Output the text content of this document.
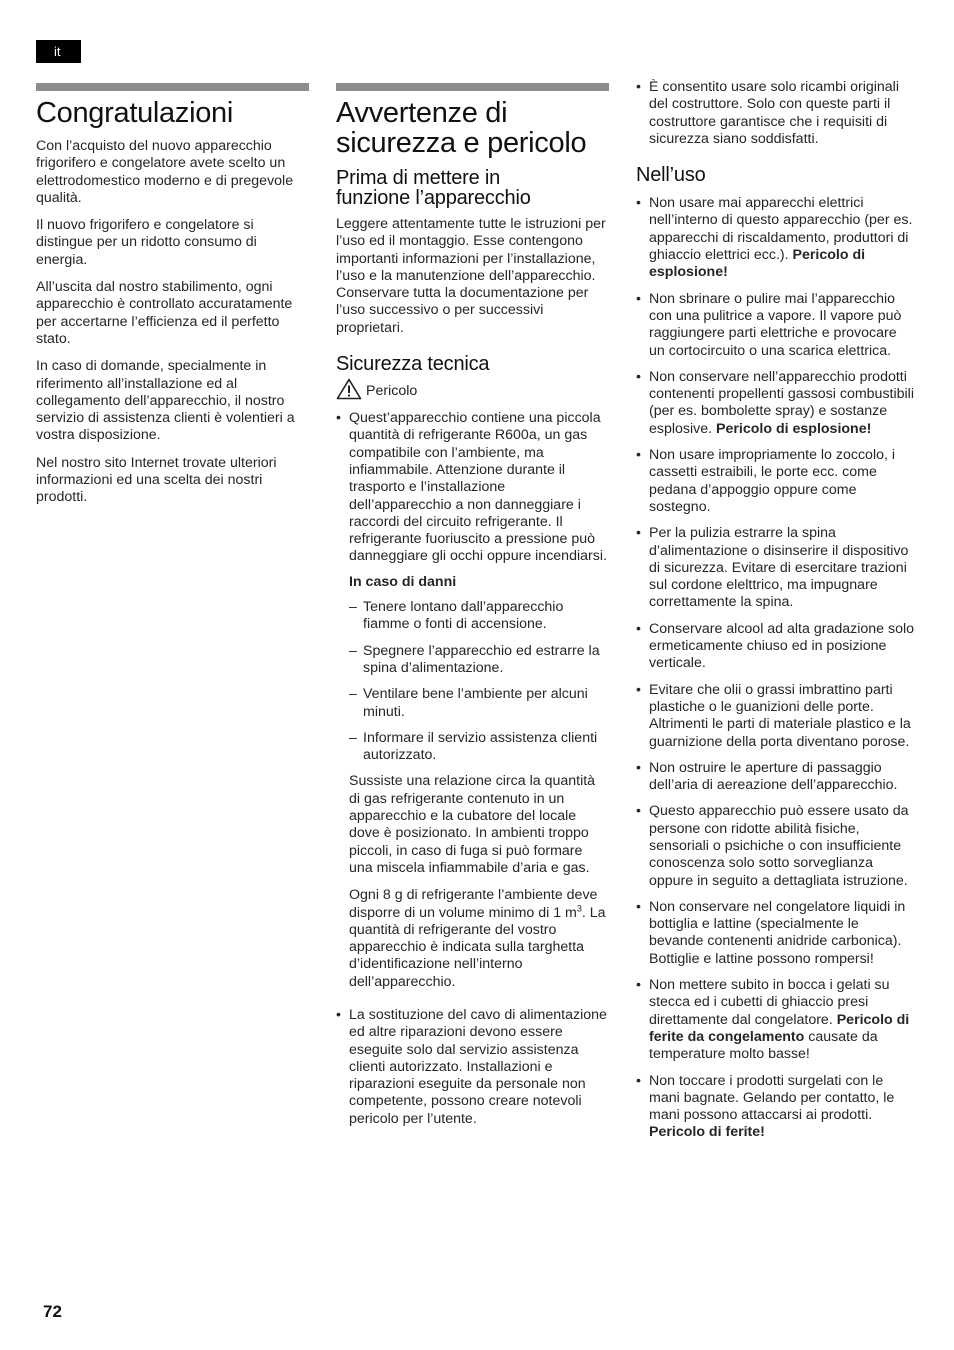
it
Congratulazioni

Con l’acquisto del nuovo apparecchio frigorifero e congelatore avete scelto un elettrodomestico moderno e di pregevole qualità.

Il nuovo frigorifero e congelatore si distingue per un ridotto consumo di energia.

All’uscita dal nostro stabilimento, ogni apparecchio è controllato accuratamente per accertarne l’efficienza ed il perfetto stato.

In caso di domande, specialmente in riferimento all’installazione ed al collegamento dell’apparecchio, il nostro servizio di assistenza clienti è volentieri a vostra disposizione.

Nel nostro sito Internet trovate ulteriori informazioni ed una scelta dei nostri prodotti.

Avvertenze di
sicurezza e pericolo
Prima di mettere in
funzione l’apparecchio

Leggere attentamente tutte le istruzioni per l’uso ed il montaggio. Esse contengono importanti informazioni per l’installazione, l’uso e la manutenzione dell’apparecchio. Conservare tutta la documentazione per l’uso successivo o per successivi proprietari.

Sicurezza tecnica
Pericolo
• Quest’apparecchio contiene una piccola quantità di refrigerante R600a, un gas compatibile con l’ambiente, ma infiammabile. Attenzione durante il trasporto e l’installazione dell’apparecchio a non danneggiare i raccordi del circuito refrigerante. Il refrigerante fuoriuscito a pressione può danneggiare gli occhi oppure incendiarsi.
In caso di danni
– Tenere lontano dall’apparecchio fiamme o fonti di accensione.
– Spegnere l’apparecchio ed estrarre la spina d’alimentazione.
– Ventilare bene l’ambiente per alcuni minuti.
– Informare il servizio assistenza clienti autorizzato.

Sussiste una relazione circa la quantità di gas refrigerante contenuto in un apparecchio e la cubatore del locale dove è posizionato. In ambienti troppo piccoli, in caso di fuga si può formare una miscela infiammabile d’aria e gas.

Ogni 8 g di refrigerante l’ambiente deve disporre di un volume minimo di 1 $m^3$. La quantità di refrigerante del vostro apparecchio è indicata sulla targhetta d’identificazione nell’interno dell’apparecchio.

• La sostituzione del cavo di alimentazione ed altre riparazioni devono essere eseguite solo dal servizio assistenza clienti autorizzato. Installazioni e riparazioni eseguite da personale non competente, possono creare notevoli pericolo per l’utente.
• È consentito usare solo ricambi originali del costruttore. Solo con queste parti il costruttore garantisce che i requisiti di sicurezza siano soddisfatti.
Nell’uso
• Non usare mai apparecchi elettrici nell’interno di questo apparecchio (per es. apparecchi di riscaldamento, produttori di ghiaccio elettrici ecc.). Pericolo di esplosione!
• Non sbrinare o pulire mai l’apparecchio con una pulitrice a vapore. Il vapore può raggiungere parti elettriche e provocare un cortocircuito o una scarica elettrica.
• Non conservare nell’apparecchio prodotti contenenti propellenti gassosi combustibili (per es. bombolette spray) e sostanze esplosive. Pericolo di esplosione!
• Non usare impropriamente lo zoccolo, i cassetti estraibili, le porte ecc. come pedana d’appoggio oppure come sostegno.
• Per la pulizia estrarre la spina d’alimentazione o disinserire il dispositivo di sicurezza. Evitare di esercitare trazioni sul cordone elelttrico, ma impugnare correttamente la spina.
• Conservare alcool ad alta gradazione solo ermeticamente chiuso ed in posizione verticale.
• Evitare che olii o grassi imbrattino parti plastiche o le guanizioni delle porte. Altrimenti le parti di materiale plastico e la guarnizione della porta diventano porose.
• Non ostruire le aperture di passaggio dell’aria di aereazione dell’apparecchio.
• Questo apparecchio può essere usato da persone con ridotte abilità fisiche, sensoriali o psichiche o con insufficiente conoscenza solo sotto sorveglianza oppure in seguito a dettagliata istruzione.
• Non conservare nel congelatore liquidi in bottiglia e lattine (specialmente le bevande contenenti anidride carbonica). Bottiglie e lattine possono rompersi!
• Non mettere subito in bocca i gelati su stecca ed i cubetti di ghiaccio presi direttamente dal congelatore. Pericolo di ferite da congelamento causate da temperature molto basse!
• Non toccare i prodotti surgelati con le mani bagnate. Gelando per contatto, le mani possono attaccarsi ai prodotti. Pericolo di ferite!
72
